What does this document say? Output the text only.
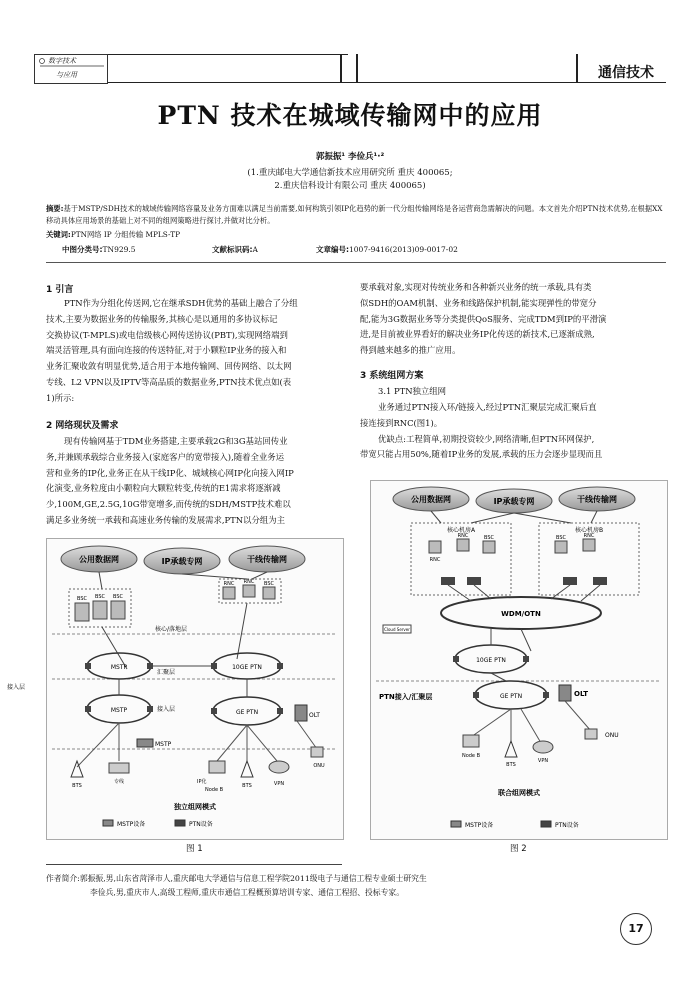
数字技术
与应用	通信技术
PTN 技术在城域传输网中的应用
郭振振¹ 李俭兵¹·²
(1.重庆邮电大学通信新技术应用研究所 重庆 400065;
2.重庆信科设计有限公司 重庆 400065)
摘要:基于MSTP/SDH技术的城域传输网络容量及业务方面难以满足当前需要,如何构筑引领IP化趋势的新一代分组传输网络是各运营商急需解决的问题。本文首先介绍PTN技术优势,在根据XX移动具体应用场景的基础上对不同的组网策略进行探讨,并做对比分析。
关键词:PTN网络 IP 分组传输 MPLS-TP
中图分类号:TN929.5	文献标识码:A	文章编号:1007-9416(2013)09-0017-02
1 引言
PTN作为分组化传送网,它在继承SDH优势的基础上融合了分组
技术,主要为数据业务的传输服务,其核心是以通用的多协议标记
交换协议(T-MPLS)或电信级核心网传送协议(PBT),实现网络端到
端灵活管理,具有面向连接的传送特征,对于小颗粒IP业务的接入和
业务汇聚收敛有明显优势,适合用于本地传输网、回传网络、以太网
专线、L2 VPN以及IPTV等高品质的数据业务,PTN技术优点如(表
1)所示:
2 网络现状及需求
现有传输网基于TDM业务搭建,主要承载2G和3G基站回传业
务,并兼顾承载综合业务接入(家庭客户的宽带接入),随着全业务运
营和业务的IP化,业务正在从干线IP化、城域核心网IP化向接入网IP
化演变,业务粒度由小颗粒向大颗粒转变,传统的E1需求将逐渐减
少,100M,GE,2.5G,10G带宽增多,而传统的SDH/MSTP技术难以
满足多业务统一承载和高速业务传输的发展需求,PTN以分组为主
要承载对象,实现对传统业务和各种新兴业务的统一承载,具有类
似SDH的OAM机制、业务和线路保护机制,能实现弹性的带宽分
配,能为3G数据业务等分类提供QoS服务、完成TDM到IP的平滑演
进,是目前被业界看好的解决业务IP化传送的新技术,已逐渐成熟,
得到越来越多的推广应用。
3 系统组网方案
3.1 PTN独立组网
业务通过PTN接入环/链接入,经过PTN汇聚层完成汇聚后直
接连接到RNC(图1)。
优缺点:工程简单,初期投资较少,网络清晰,但PTN环网保护,
带宽只能占用50%,随着IP业务的发展,承载的压力会逐步显现而且
公用数据网	IP承载专网	干线传输网
BSC BSC BSC
RNC RNC BSC
核心/落地层
汇聚层
接入层
接入层
MSTP	10GE PTN
MSTP	GE PTN	OLT
MSTP
BTS
专线	IP化
Node B
BTS	VPN
ONU
独立组网模式
MSTP设备	PTN设备
图 1
公用数据网	IP承载专网	干线传输网
核心机房A
RNC
RNC	BSC
核心机房B
BSC	RNC
WDM/OTN
Cloud Server
10GE PTN
PTN接入/汇聚层	GE PTN	OLT
Node B
BTS
VPN
ONU
联合组网模式
MSTP设备	PTN设备
图 2
作者简介:郭振振,男,山东省菏泽市人,重庆邮电大学通信与信息工程学院2011级电子与通信工程专业硕士研究生
李俭兵,男,重庆市人,高级工程师,重庆市通信工程概预算培训专家、通信工程招、投标专家。
17
